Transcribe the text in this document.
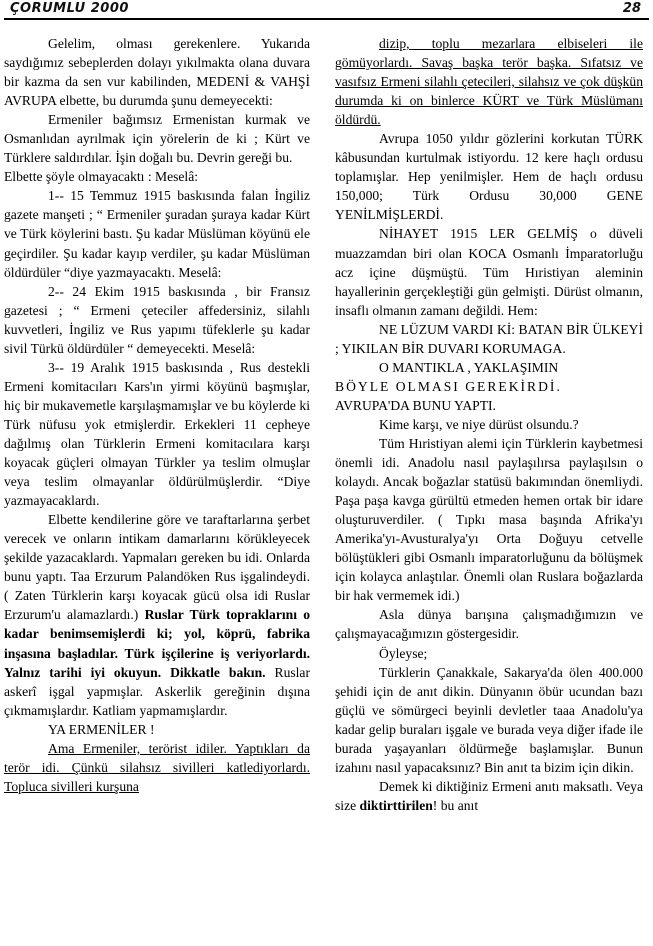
ÇORUMLU 2000	28

Gelelim, olması gerekenlere. Yukarıda saydığımız sebeplerden dolayı yıkılmakta olana duvara bir kazma da sen vur kabilinden, MEDENİ & VAHŞİ AVRUPA elbette, bu durumda şunu demeyecekti:

Ermeniler bağımsız Ermenistan kurmak ve Osmanlıdan ayrılmak için yörelerin de ki ; Kürt ve Türklere saldırdılar. İşin doğalı bu. Devrin gereği bu.

Elbette şöyle olmayacaktı : Meselâ:

1-- 15 Temmuz 1915 baskısında falan İngiliz gazete manşeti ; “ Ermeniler şuradan şuraya kadar Kürt ve Türk köylerini bastı. Şu kadar Müslüman köyünü ele geçirdiler. Şu kadar kayıp verdiler, şu kadar Müslüman öldürdüler “diye yazmayacaktı. Meselâ:

2-- 24 Ekim 1915 baskısında , bir Fransız gazetesi ; “ Ermeni çeteciler affedersiniz, silahlı kuvvetleri, İngiliz ve Rus yapımı tüfeklerle şu kadar sivil Türkü öldürdüler “ demeyecekti. Meselâ:

3-- 19 Aralık 1915 baskısında , Rus destekli Ermeni komitacıları Kars'ın yirmi köyünü başmışlar, hiç bir mukavemetle karşılaşmamışlar ve bu köylerde ki Türk nüfusu yok etmişlerdir. Erkekleri 11 cepheye dağılmış olan Türklerin Ermeni komitacılara karşı koyacak güçleri olmayan Türkler ya teslim olmuşlar veya teslim olmayanlar öldürülmüşlerdir. “Diye yazmayacaklardı.

Elbette kendilerine göre ve taraftarlarına şerbet verecek ve onların intikam damarlarını körükleyecek şekilde yazacaklardı. Yapmaları gereken bu idi. Onlarda bunu yaptı. Taa Erzurum Palandöken Rus işgalindeydi. ( Zaten Türklerin karşı koyacak gücü olsa idi Ruslar Erzurum'u alamazlardı.) Ruslar Türk topraklarını o kadar benimsemişlerdi ki; yol, köprü, fabrika inşasına başladılar. Türk işçilerine iş veriyorlardı. Yalnız tarihi iyi okuyun. Dikkatle bakın. Ruslar askerî işgal yapmışlar. Askerlik gereğinin dışına çıkmamışlardır. Katliam yapmamışlardır.

YA ERMENİLER !

Ama Ermeniler, terörist idiler. Yaptıkları da terör idi. Çünkü silahsız sivilleri katlediyorlardı. Topluca sivilleri kurşuna

dizip, toplu mezarlara elbiseleri ile gömüyorlardı. Savaş başka terör başka. Sıfatsız ve vasıfsız Ermeni silahlı çetecileri, silahsız ve çok düşkün durumda ki on binlerce KÜRT ve Türk Müslümanı öldürdü.

Avrupa 1050 yıldır gözlerini korkutan TÜRK kâbusundan kurtulmak istiyordu. 12 kere haçlı ordusu toplamışlar. Hep yenilmişler. Hem de haçlı ordusu 150,000; Türk Ordusu 30,000 GENE YENİLMİŞLERDİ.

NİHAYET 1915 LER GELMİŞ o düveli muazzamdan biri olan KOCA Osmanlı İmparatorluğu acz içine düşmüştü. Tüm Hıristiyan aleminin hayallerinin gerçekleştiği gün gelmişti. Dürüst olmanın, insaflı olmanın zamanı değildi. Hem:

NE LÜZUM VARDI Kİ: BATAN BİR ÜLKEYİ ; YIKILAN BİR DUVARI KORUMAGA.

O MANTIKLA , YAKLAŞIMIN

BÖYLE OLMASI GEREKİRDİ.

AVRUPA'DA BUNU YAPTI.

Kime karşı, ve niye dürüst olsundu.?

Tüm Hıristiyan alemi için Türklerin kaybetmesi önemli idi. Anadolu nasıl paylaşılırsa paylaşılsın o kolaydı. Ancak boğazlar statüsü bakımından önemliydi. Paşa paşa kavga gürültü etmeden hemen ortak bir idare oluşturuverdiler. ( Tıpkı masa başında Afrika'yı Amerika'yı-Avusturalya'yı Orta Doğuyu cetvelle bölüştükleri gibi Osmanlı imparatorluğunu da bölüşmek için kolayca anlaştılar. Önemli olan Ruslara boğazlarda bir hak vermemek idi.)

Asla dünya barışına çalışmadığımızın ve çalışmayacağımızın göstergesidir.

Öyleyse;

Türklerin Çanakkale, Sakarya'da ölen 400.000 şehidi için de anıt dikin. Dünyanın öbür ucundan bazı güçlü ve sömürgeci beyinli devletler taaa Anadolu'ya kadar gelip buraları işgale ve burada veya diğer ifade ile burada yaşayanları öldürmeğe başlamışlar. Bunun izahını nasıl yapacaksınız? Bin anıt ta bizim için dikin.

Demek ki diktiğiniz Ermeni anıtı maksatlı. Veya size diktirttirilen! bu anıt
